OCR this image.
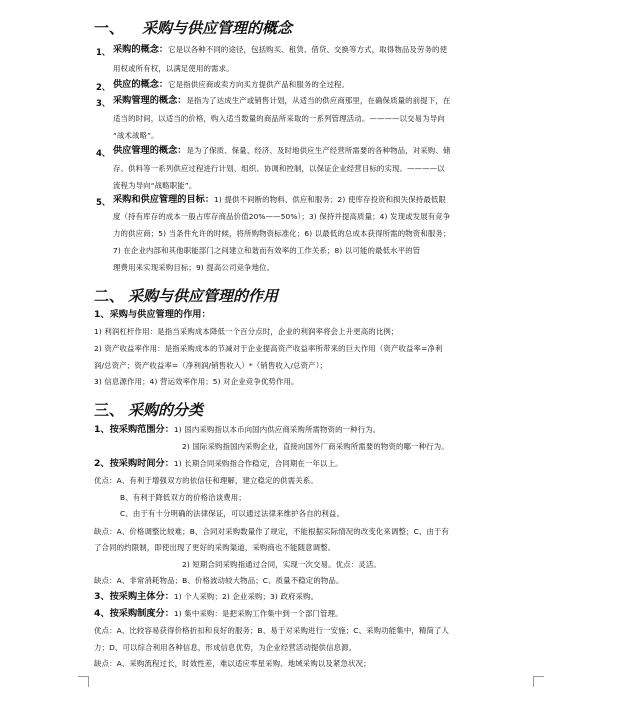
一、 采购与供应管理的概念
1、 采购的概念：它是以各种不同的途径，包括购买、租赁、借贷、交换等方式，取得物品及劳务的使
用权或所有权，以满足使用的需求。
2、 供应的概念：它是指供应商或卖方向买方提供产品和服务的全过程。
3、 采购管理的概念：是指为了达成生产或销售计划，从适当的供应商那里，在确保质量的前提下，在
适当的时间，以适当的价格，购入适当数量的商品所采取的一系列管理活动。————以交易为导向
“战术战略”。
4、 供应管理的概念：是为了保质、保量、经济、及时地供应生产经营所需要的各种物品，对采购、储
存、供料等一系列供应过程进行计划、组织、协调和控制，以保证企业经营目标的实现。————以
流程为导向“战略职能”。
5、 采购和供应管理的目标：1) 提供不间断的物料、供应和服务；2) 使库存投资和损失保持最低限
度（持有库存的成本一般占库存商品价值20%——50%）；3) 保持并提高质量；4) 发现或发展有竞争
力的供应商；5) 当条件允许的时候，将所购物资标准化；6) 以最低的总成本获得所需的物资和服务；
7) 在企业内部和其他职能部门之间建立和谐而有效率的工作关系；8) 以可能的最低水平的管
理费用来实现采购目标；9) 提高公司竞争地位。
二、 采购与供应管理的作用
1、采购与供应管理的作用：
1) 利润杠杆作用：是指当采购成本降低一个百分点时，企业的利润率将会上升更高的比例；
2) 资产收益率作用：是指采购成本的节减对于企业提高资产收益率所带来的巨大作用（资产收益率=净利
润/总资产；资产收益率=（净利润/销售收入）*（销售收入/总资产）；
3) 信息源作用；4) 营运效率作用；5) 对企业竞争优势作用。
三、 采购的分类
1、按采购范围分：1) 国内采购指以本币向国内供应商采购所需物资的一种行为。
2) 国际采购指国内采购企业，直接向国外厂商采购所需要的物资的哪一种行为。
2、按采购时间分：1) 长期合同采购指合作稳定，合同期在一年以上。
优点：A、有利于增强双方的依信任和理解，建立稳定的供需关系。
B、有利于降低双方的价格洽谈费用；
C、由于有十分明确的法律保证，可以通过法律来维护各自的利益。
缺点：A、价格调整比较难；B、合同对采购数量作了规定，不能根据实际情况的改变化来调整；C、由于有
了合同的约限制，即使出现了更好的采购渠道，采购商也不能随意调整。
2) 短期合同采购指通过合同，实现一次交易。优点：灵活。
缺点：A、非常消耗物品；B、价格波动较大物品；C、质量不稳定的物品。
3、按采购主体分：1) 个人采购；2) 企业采购；3) 政府采购。
4、按采购制度分：1) 集中采购：是把采购工作集中到一个部门管理。
优点：A、比较容易获得价格折扣和良好的服务；B、易于对采购进行一安施；C、采购功能集中，精简了人
力；D、可以综合利用各种信息，形成信息优势，为企业经营活动提供信息源。
缺点：A、采购流程过长，时效性差，难以适应零星采购、地域采购以及紧急状况；
